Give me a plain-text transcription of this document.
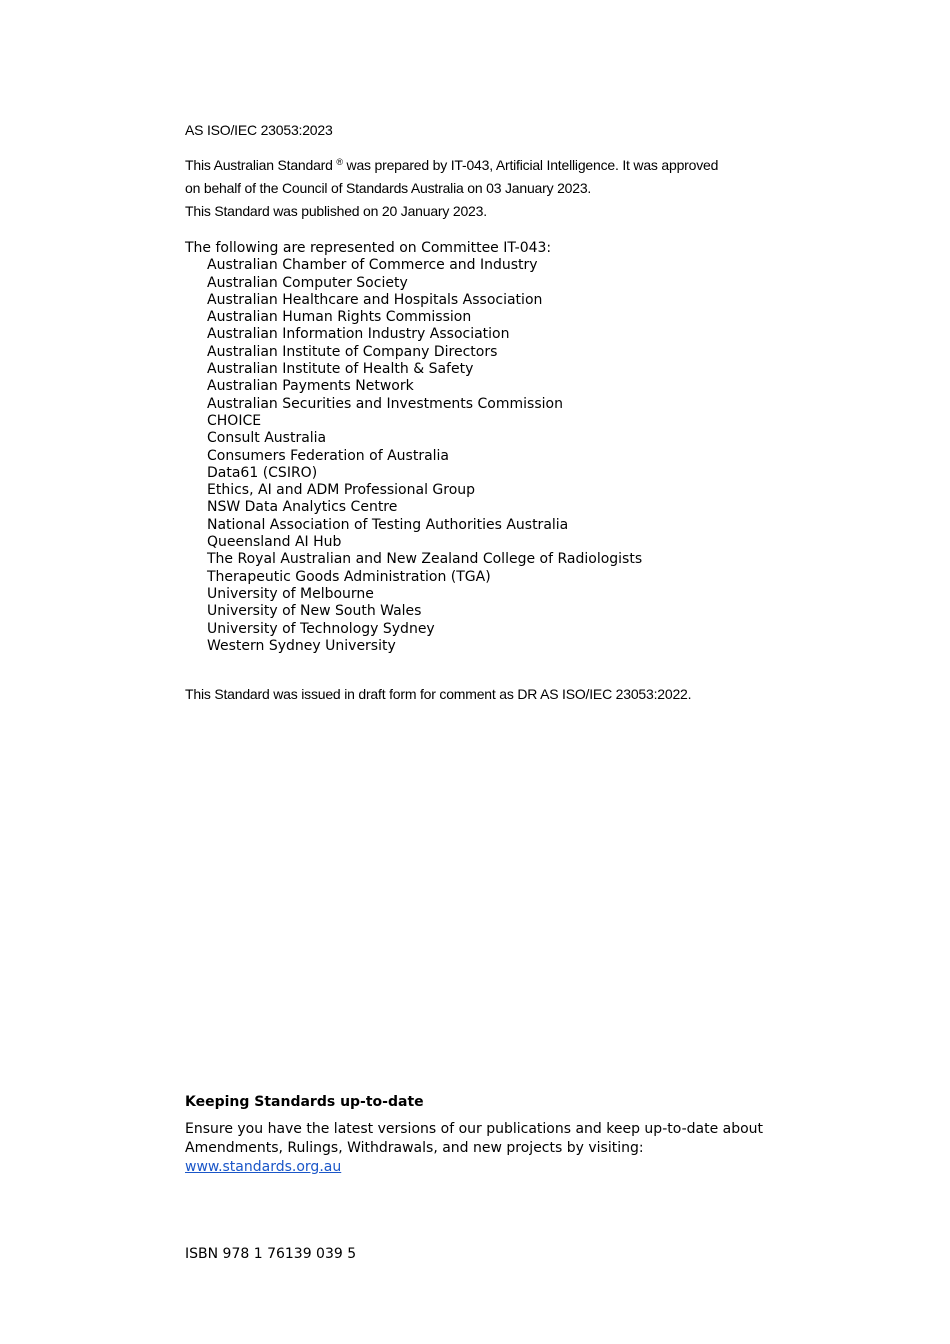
AS ISO/IEC 23053:2023
This Australian Standard ® was prepared by IT-043, Artificial Intelligence. It was approved
on behalf of the Council of Standards Australia on 03 January 2023.
This Standard was published on 20 January 2023.
The following are represented on Committee IT-043:
Australian Chamber of Commerce and Industry
Australian Computer Society
Australian Healthcare and Hospitals Association
Australian Human Rights Commission
Australian Information Industry Association
Australian Institute of Company Directors
Australian Institute of Health & Safety
Australian Payments Network
Australian Securities and Investments Commission
CHOICE
Consult Australia
Consumers Federation of Australia
Data61 (CSIRO)
Ethics, AI and ADM Professional Group
NSW Data Analytics Centre
National Association of Testing Authorities Australia
Queensland AI Hub
The Royal Australian and New Zealand College of Radiologists
Therapeutic Goods Administration (TGA)
University of Melbourne
University of New South Wales
University of Technology Sydney
Western Sydney University
This Standard was issued in draft form for comment as DR AS ISO/IEC 23053:2022.
Keeping Standards up-to-date
Ensure you have the latest versions of our publications and keep up-to-date about
Amendments, Rulings, Withdrawals, and new projects by visiting:
www.standards.org.au
ISBN 978 1 76139 039 5
